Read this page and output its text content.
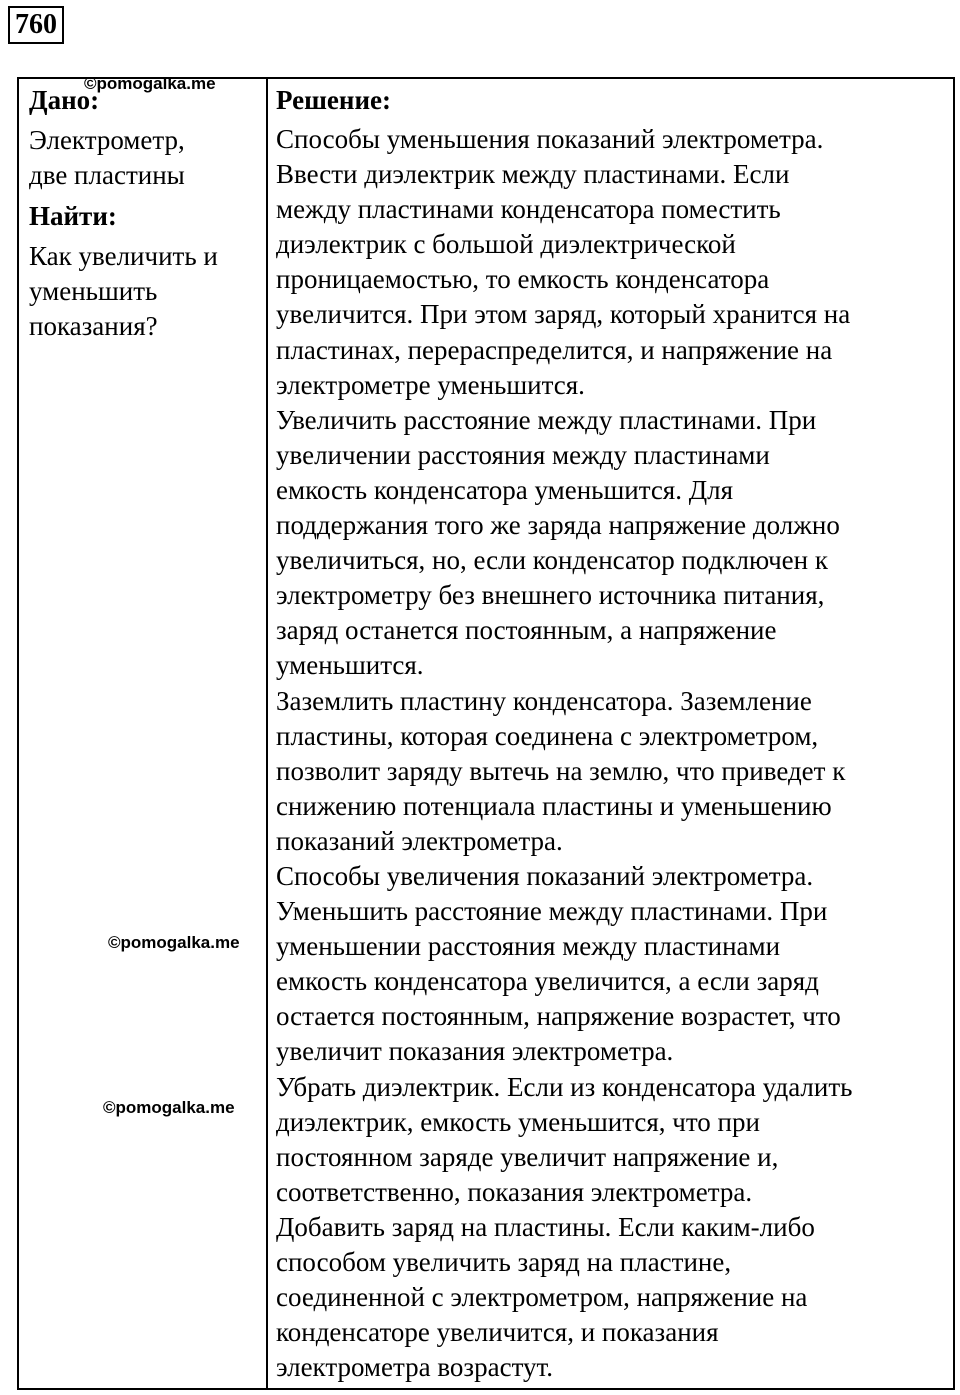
760
Дано:
Электрометр,
две пластины
Найти:
Как увеличить и
уменьшить
показания?
Решение:
Способы уменьшения показаний электрометра.
Ввести диэлектрик между пластинами. Если
между пластинами конденсатора поместить
диэлектрик с большой диэлектрической
проницаемостью, то емкость конденсатора
увеличится. При этом заряд, который хранится на
пластинах, перераспределится, и напряжение на
электрометре уменьшится.
Увеличить расстояние между пластинами. При
увеличении расстояния между пластинами
емкость конденсатора уменьшится. Для
поддержания того же заряда напряжение должно
увеличиться, но, если конденсатор подключен к
электрометру без внешнего источника питания,
заряд останется постоянным, а напряжение
уменьшится.
Заземлить пластину конденсатора. Заземление
пластины, которая соединена с электрометром,
позволит заряду вытечь на землю, что приведет к
снижению потенциала пластины и уменьшению
показаний электрометра.
Способы увеличения показаний электрометра.
Уменьшить расстояние между пластинами. При
уменьшении расстояния между пластинами
емкость конденсатора увеличится, а если заряд
остается постоянным, напряжение возрастет, что
увеличит показания электрометра.
Убрать диэлектрик. Если из конденсатора удалить
диэлектрик, емкость уменьшится, что при
постоянном заряде увеличит напряжение и,
соответственно, показания электрометра.
Добавить заряд на пластины. Если каким-либо
способом увеличить заряд на пластине,
соединенной с электрометром, напряжение на
конденсаторе увеличится, и показания
электрометра возрастут.
©pomogalka.me
©pomogalka.me
©pomogalka.me
